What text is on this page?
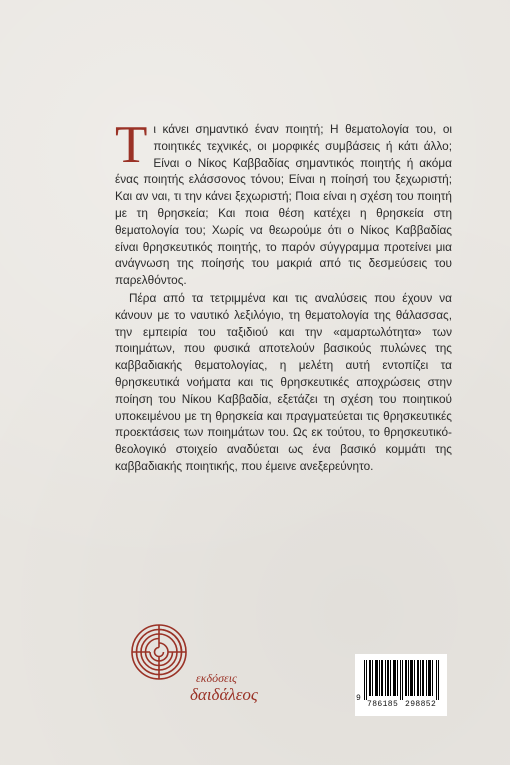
Τι κάνει σημαντικό έναν ποιητή; Η θεματολογία του, οι ποιητικές τεχνικές, οι μορφικές συμβάσεις ή κάτι άλλο; Είναι ο Νίκος Καββαδίας σημαντικός ποιητής ή ακόμα ένας ποιητής ελάσσονος τόνου; Είναι η ποίησή του ξεχωριστή; Και αν ναι, τι την κάνει ξεχωριστή; Ποια είναι η σχέση του ποιητή με τη θρησκεία; Και ποια θέση κατέχει η θρησκεία στη θεματολογία του; Χωρίς να θεωρούμε ότι ο Νίκος Καββαδίας είναι θρησκευτικός ποιητής, το παρόν σύγγραμμα προτείνει μια ανάγνωση της ποίησής του μακριά από τις δεσμεύσεις του παρελθόντος.

Πέρα από τα τετριμμένα και τις αναλύσεις που έχουν να κάνουν με το ναυτικό λεξιλόγιο, τη θεματολογία της θάλασσας, την εμπειρία του ταξιδιού και την «αμαρτωλότητα» των ποιημάτων, που φυσικά αποτελούν βασικούς πυλώνες της καββαδιακής θεματολογίας, η μελέτη αυτή εντοπίζει τα θρησκευτικά νοήματα και τις θρησκευτικές αποχρώσεις στην ποίηση του Νίκου Καββαδία, εξετάζει τη σχέση του ποιητικού υποκειμένου με τη θρησκεία και πραγματεύεται τις θρησκευτικές προεκτάσεις των ποιημάτων του. Ως εκ τούτου, το θρησκευτικό-θεολογικό στοιχείο αναδύεται ως ένα βασικό κομμάτι της καββαδιακής ποιητικής, που έμεινε ανεξερεύνητο.

εκδόσεις
δαιδάλεος	9
786185 298852
